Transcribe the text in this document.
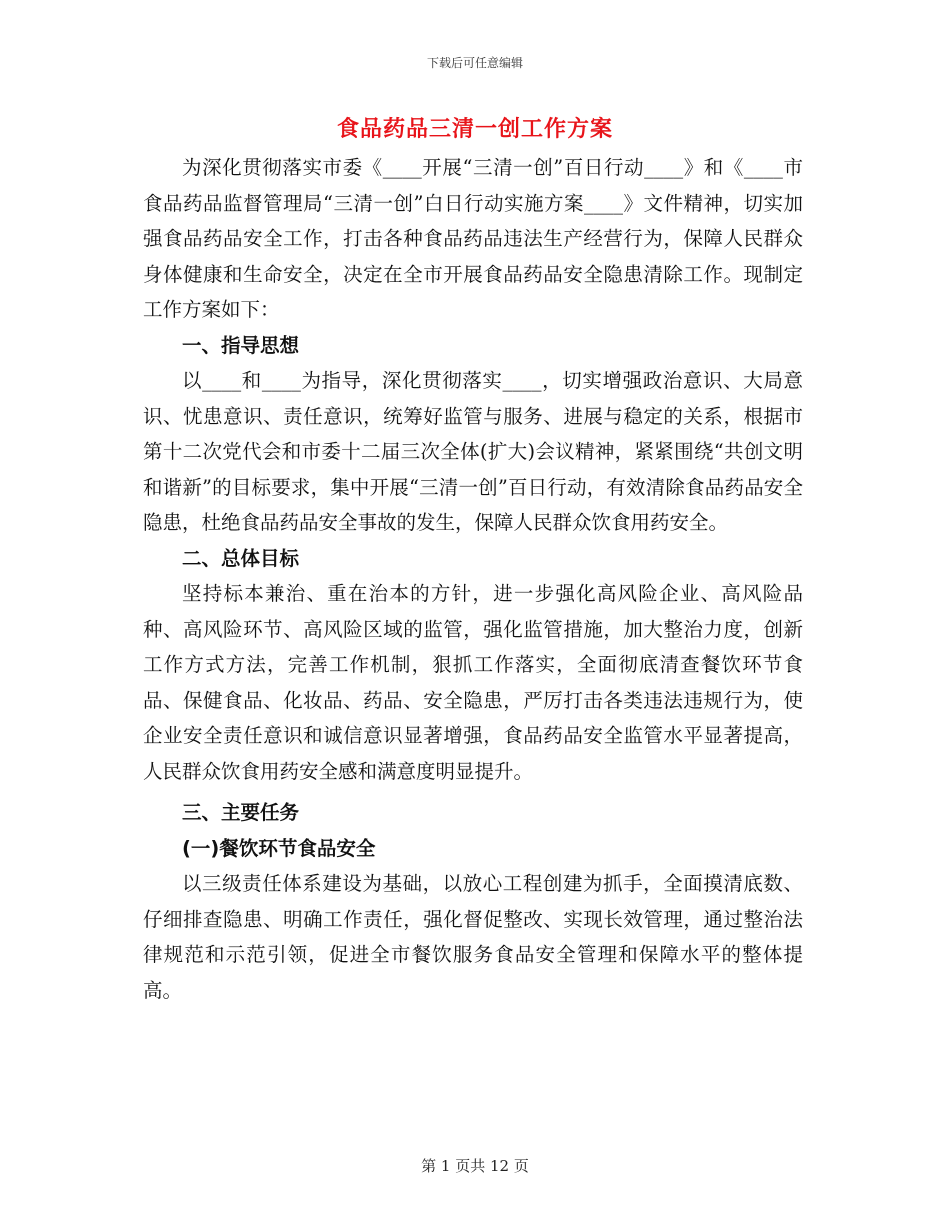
下载后可任意编辑
食品药品三清一创工作方案

为深化贯彻落实市委《____开展“三清一创”百日行动____》和《____市食品药品监督管理局“三清一创”白日行动实施方案____》文件精神，切实加强食品药品安全工作，打击各种食品药品违法生产经营行为，保障人民群众身体健康和生命安全，决定在全市开展食品药品安全隐患清除工作。现制定工作方案如下：

一、指导思想

以____和____为指导，深化贯彻落实____，切实增强政治意识、大局意识、忧患意识、责任意识，统筹好监管与服务、进展与稳定的关系，根据市第十二次党代会和市委十二届三次全体(扩大)会议精神，紧紧围绕“共创文明和谐新”的目标要求，集中开展“三清一创”百日行动，有效清除食品药品安全隐患，杜绝食品药品安全事故的发生，保障人民群众饮食用药安全。

二、总体目标

坚持标本兼治、重在治本的方针，进一步强化高风险企业、高风险品种、高风险环节、高风险区域的监管，强化监管措施，加大整治力度，创新工作方式方法，完善工作机制，狠抓工作落实，全面彻底清查餐饮环节食品、保健食品、化妆品、药品、安全隐患，严厉打击各类违法违规行为，使企业安全责任意识和诚信意识显著增强，食品药品安全监管水平显著提高，人民群众饮食用药安全感和满意度明显提升。

三、主要任务

(一)餐饮环节食品安全

以三级责任体系建设为基础，以放心工程创建为抓手，全面摸清底数、仔细排查隐患、明确工作责任，强化督促整改、实现长效管理，通过整治法律规范和示范引领，促进全市餐饮服务食品安全管理和保障水平的整体提高。

第 1 页共 12 页
